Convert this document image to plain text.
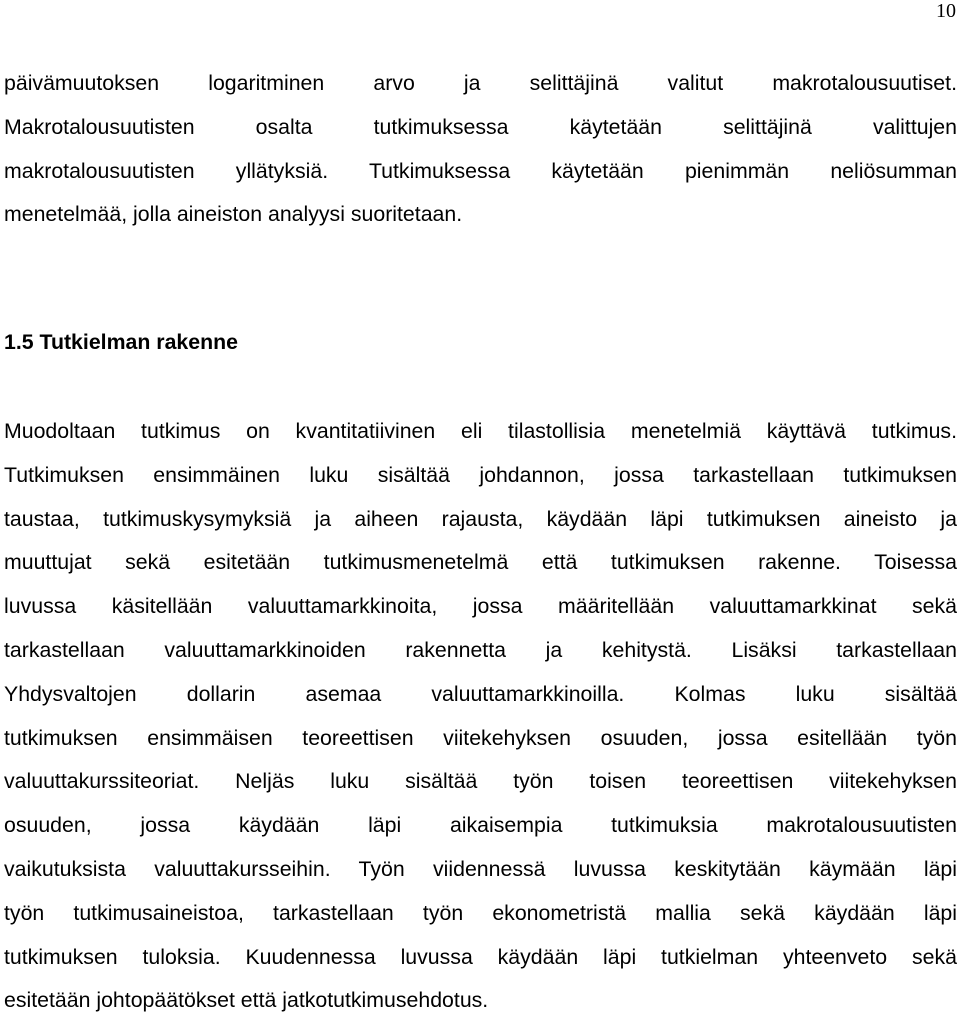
10
päivämuutoksen logaritminen arvo ja selittäjinä valitut makrotalousuutiset.
Makrotalousuutisten osalta tutkimuksessa käytetään selittäjinä valittujen
makrotalousuutisten yllätyksiä. Tutkimuksessa käytetään pienimmän neliösumman
menetelmää, jolla aineiston analyysi suoritetaan.
1.5 Tutkielman rakenne
Muodoltaan tutkimus on kvantitatiivinen eli tilastollisia menetelmiä käyttävä tutkimus.
Tutkimuksen ensimmäinen luku sisältää johdannon, jossa tarkastellaan tutkimuksen
taustaa, tutkimuskysymyksiä ja aiheen rajausta, käydään läpi tutkimuksen aineisto ja
muuttujat sekä esitetään tutkimusmenetelmä että tutkimuksen rakenne. Toisessa
luvussa käsitellään valuuttamarkkinoita, jossa määritellään valuuttamarkkinat sekä
tarkastellaan valuuttamarkkinoiden rakennetta ja kehitystä. Lisäksi tarkastellaan
Yhdysvaltojen dollarin asemaa valuuttamarkkinoilla. Kolmas luku sisältää
tutkimuksen ensimmäisen teoreettisen viitekehyksen osuuden, jossa esitellään työn
valuuttakurssiteoriat. Neljäs luku sisältää työn toisen teoreettisen viitekehyksen
osuuden, jossa käydään läpi aikaisempia tutkimuksia makrotalousuutisten
vaikutuksista valuuttakursseihin. Työn viidennessä luvussa keskitytään käymään läpi
työn tutkimusaineistoa, tarkastellaan työn ekonometristä mallia sekä käydään läpi
tutkimuksen tuloksia. Kuudennessa luvussa käydään läpi tutkielman yhteenveto sekä
esitetään johtopäätökset että jatkotutkimusehdotus.
